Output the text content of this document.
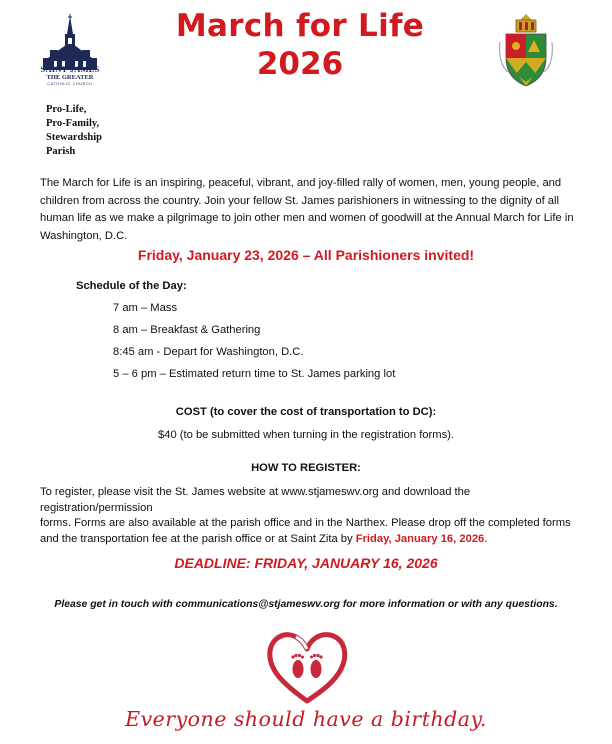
SAINT JAMES
THE GREATER
CATHOLIC CHURCH
March for Life
2026
Pro-Life,
Pro-Family,
Stewardship
Parish
The March for Life is an inspiring, peaceful, vibrant, and joy-filled rally of women, men, young people, and
children from across the country. Join your fellow St. James parishioners in witnessing to the dignity of all
human life as we make a pilgrimage to join other men and women of goodwill at the Annual March for Life in
Washington, D.C.
Friday, January 23, 2026 – All Parishioners invited!
Schedule of the Day:
7 am – Mass
8 am – Breakfast & Gathering
8:45 am - Depart for Washington, D.C.
5 – 6 pm – Estimated return time to St. James parking lot
COST (to cover the cost of transportation to DC):
$40 (to be submitted when turning in the registration forms).
HOW TO REGISTER:
To register, please visit the St. James website at www.stjameswv.org and download the registration/permission
forms. Forms are also available at the parish office and in the Narthex. Please drop off the completed forms
and the transportation fee at the parish office or at Saint Zita by Friday, January 16, 2026.
DEADLINE: FRIDAY, JANUARY 16, 2026
Please get in touch with communications@stjameswv.org for more information or with any questions.
Everyone should have a birthday.
